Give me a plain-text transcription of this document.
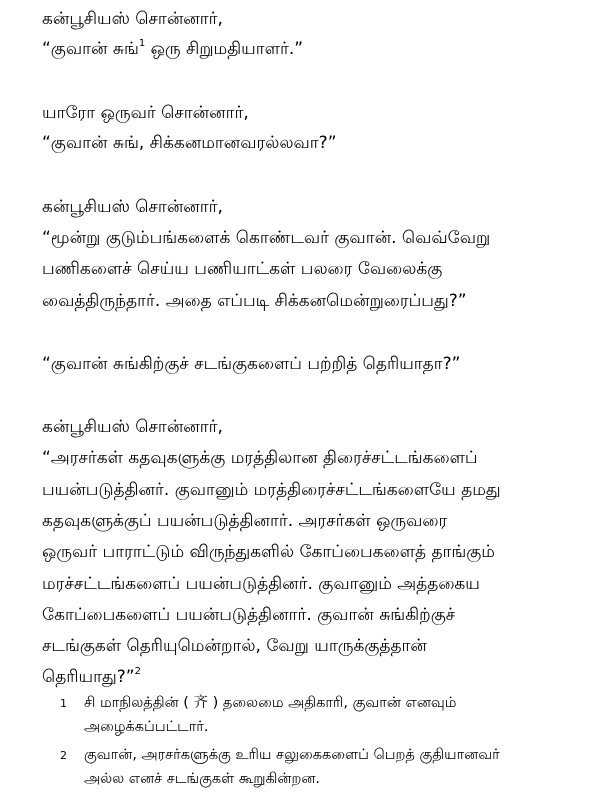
கன்பூசியஸ் சொன்னார்,
“குவான் சுங்$^1$ ஒரு சிறுமதியாளர்.”
யாரோ ஒருவர் சொன்னார்,
“குவான் சுங், சிக்கனமானவரல்லவா?”
கன்பூசியஸ் சொன்னார்,
“மூன்று குடும்பங்களைக் கொண்டவர் குவான். வெவ்வேறு
பணிகளைச் செய்ய பணியாட்கள் பலரை வேலைக்கு
வைத்திருந்தார். அதை எப்படி சிக்கனமென்றுரைப்பது?”
“குவான் சுங்கிற்குச் சடங்குகளைப் பற்றித் தெரியாதா?”
கன்பூசியஸ் சொன்னார்,
“அரசர்கள் கதவுகளுக்கு மரத்திலான திரைச்சட்டங்களைப்
பயன்படுத்தினர். குவானும் மரத்திரைச்சட்டங்களையே தமது
கதவுகளுக்குப் பயன்படுத்தினார். அரசர்கள் ஒருவரை
ஒருவர் பாராட்டும் விருந்துகளில் கோப்பைகளைத் தாங்கும்
மரச்சட்டங்களைப் பயன்படுத்தினர். குவானும் அத்தகைய
கோப்பைகளைப் பயன்படுத்தினார். குவான் சுங்கிற்குச்
சடங்குகள் தெரியுமென்றால், வேறு யாருக்குத்தான்
தெரியாது?”$^2$
1 சி மாநிலத்தின் ( 齐 ) தலைமை அதிகாரி, குவான் எனவும்
அழைக்கப்பட்டார்.
2 குவான், அரசர்களுக்கு உரிய சலுகைகளைப் பெறத் குதியானவர்
அல்ல எனச் சடங்குகள் கூறுகின்றன.
